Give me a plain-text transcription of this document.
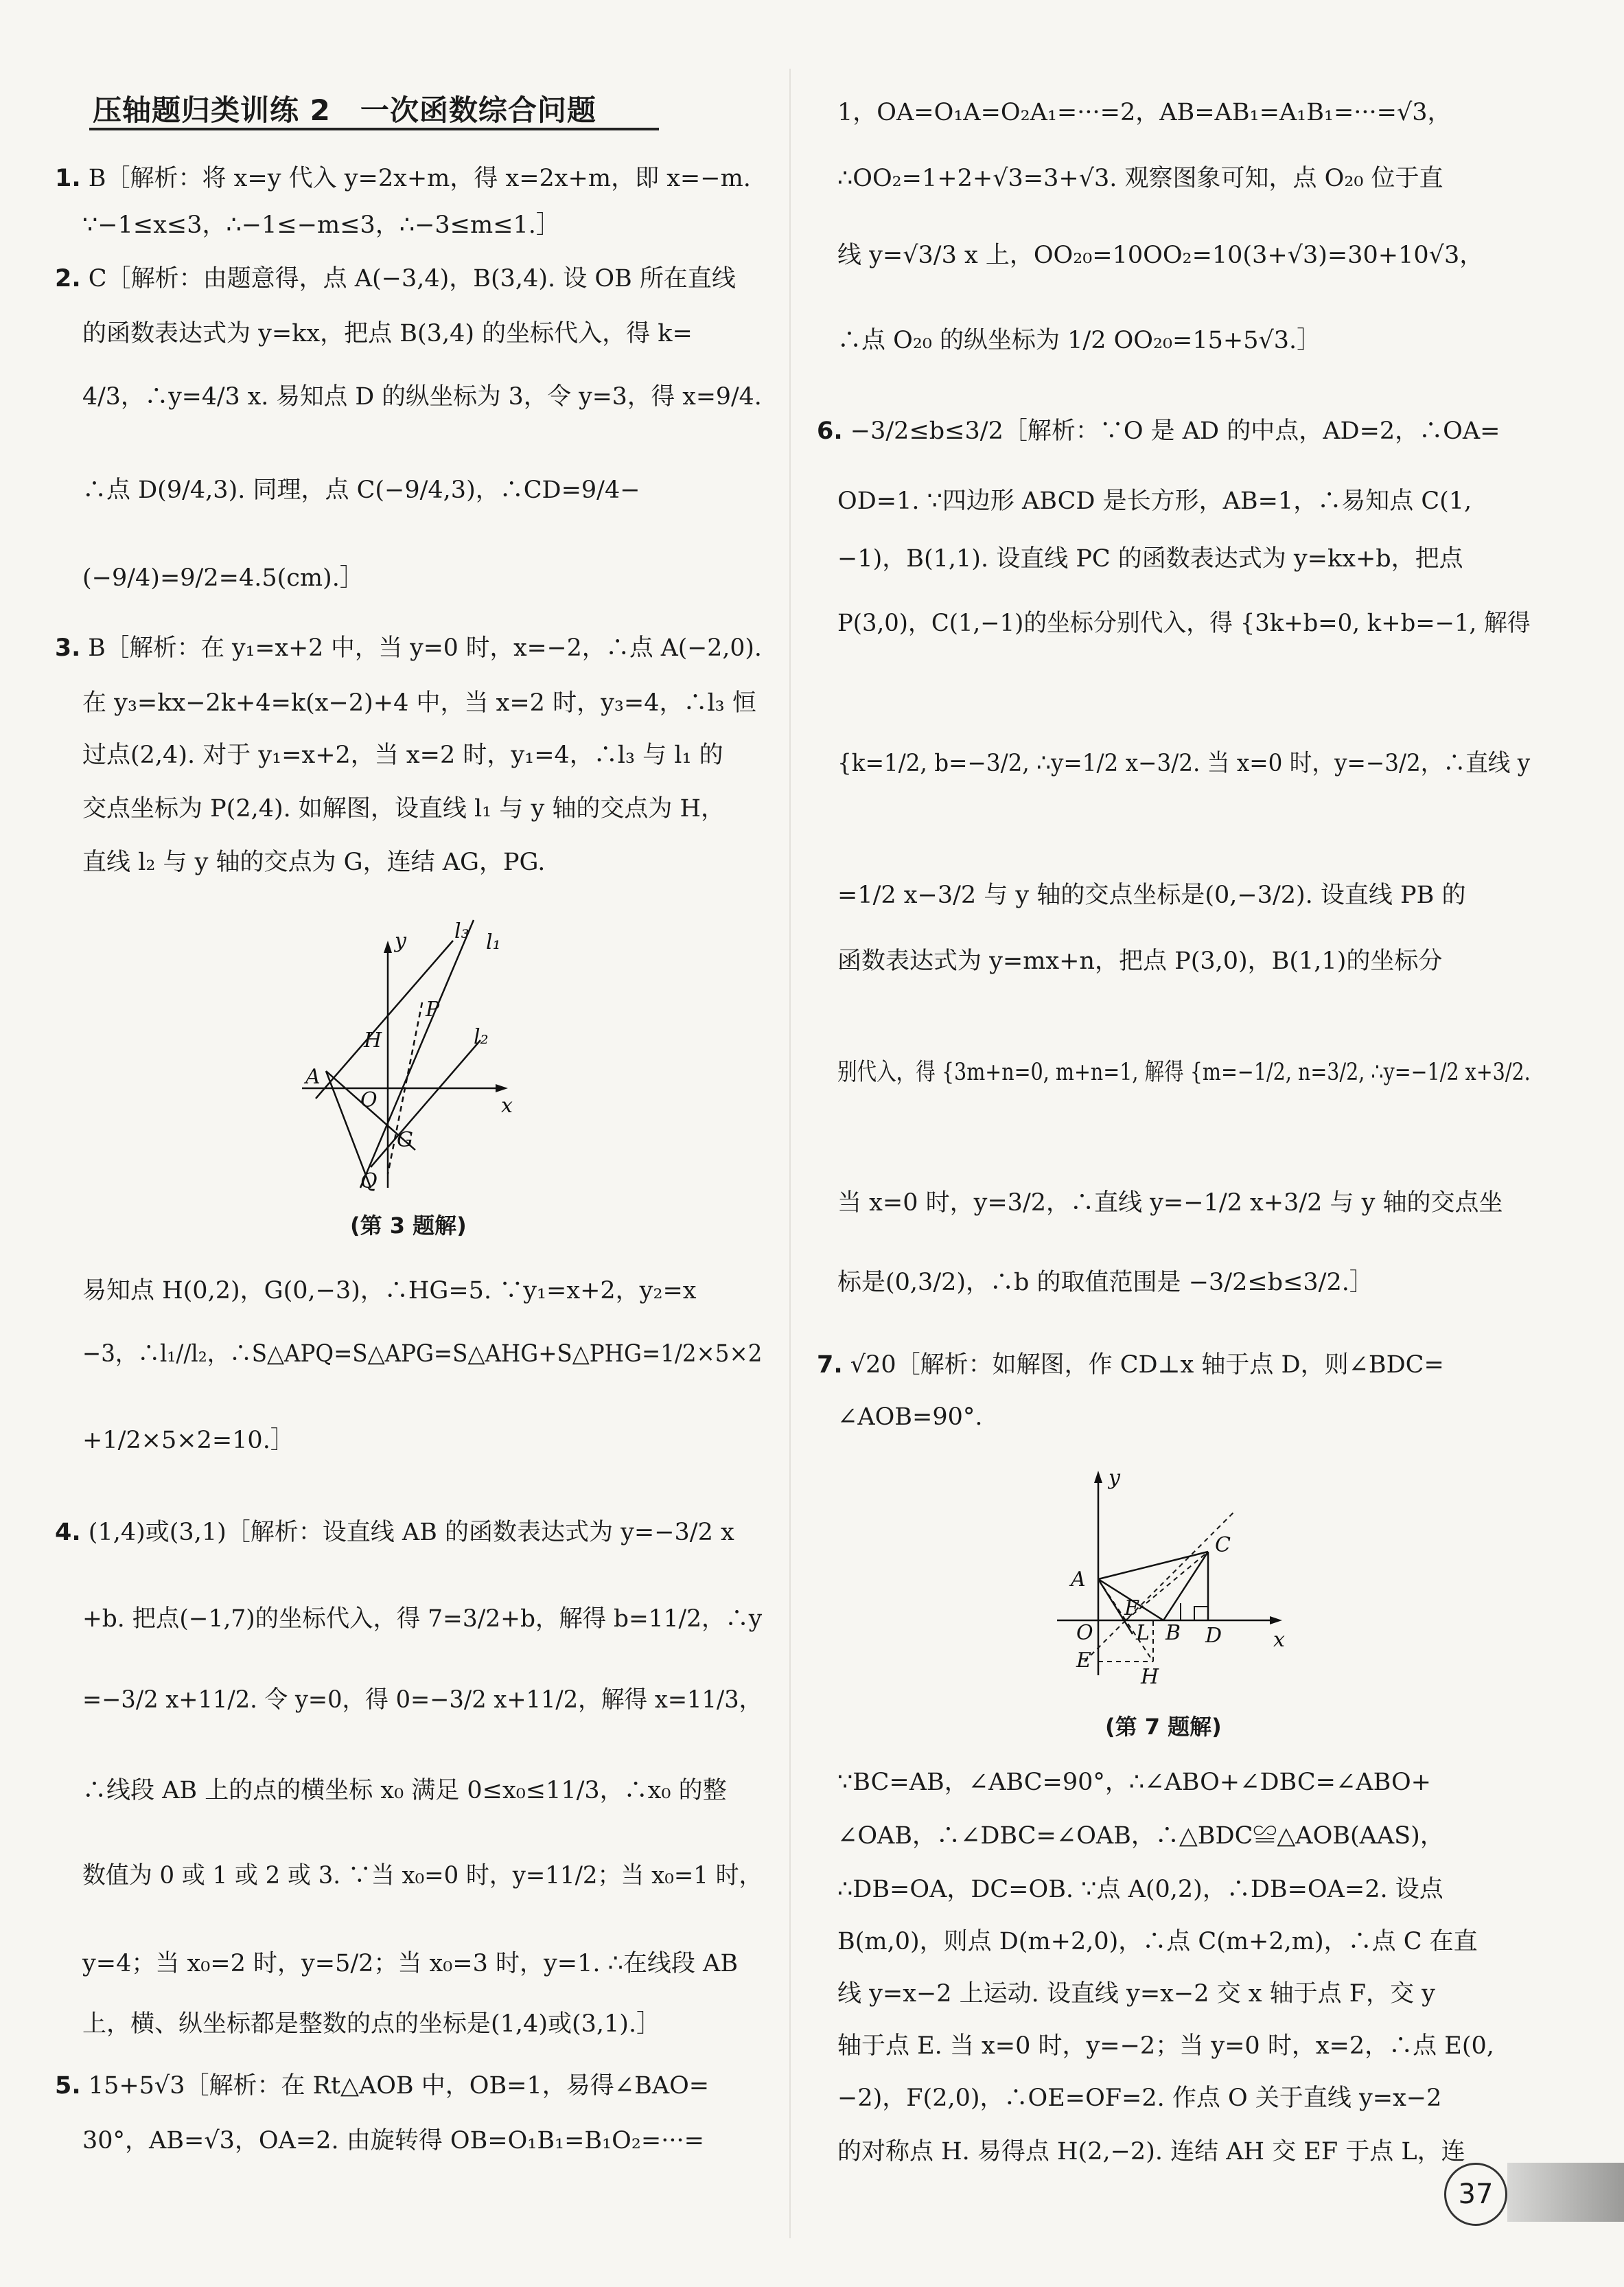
压轴题归类训练 2　一次函数综合问题
1. B［解析：将 x=y 代入 y=2x+m，得 x=2x+m，即 x=−m.
∵−1≤x≤3，∴−1≤−m≤3，∴−3≤m≤1.］
2. C［解析：由题意得，点 A(−3,4)，B(3,4). 设 OB 所在直线
的函数表达式为 y=kx，把点 B(3,4) 的坐标代入，得 k=
4/3，∴y=4/3 x. 易知点 D 的纵坐标为 3，令 y=3，得 x=9/4.
∴点 D(9/4,3). 同理，点 C(−9/4,3)，∴CD=9/4−
(−9/4)=9/2=4.5(cm).］
3. B［解析：在 y₁=x+2 中，当 y=0 时，x=−2，∴点 A(−2,0).
在 y₃=kx−2k+4=k(x−2)+4 中，当 x=2 时，y₃=4，∴l₃ 恒
过点(2,4). 对于 y₁=x+2，当 x=2 时，y₁=4，∴l₃ 与 l₁ 的
交点坐标为 P(2,4). 如解图，设直线 l₁ 与 y 轴的交点为 H，
直线 l₂ 与 y 轴的交点为 G，连结 AG，PG.
y
x
l₁
l₂
l₃
A
H
P
O
G
Q
(第 3 题解)
易知点 H(0,2)，G(0,−3)，∴HG=5. ∵y₁=x+2，y₂=x
−3，∴l₁//l₂，∴S△APQ=S△APG=S△AHG+S△PHG=1/2×5×2
+1/2×5×2=10.］
4. (1,4)或(3,1)［解析：设直线 AB 的函数表达式为 y=−3/2 x
+b. 把点(−1,7)的坐标代入，得 7=3/2+b，解得 b=11/2，∴y
=−3/2 x+11/2. 令 y=0，得 0=−3/2 x+11/2，解得 x=11/3，
∴线段 AB 上的点的横坐标 x₀ 满足 0≤x₀≤11/3，∴x₀ 的整
数值为 0 或 1 或 2 或 3. ∵当 x₀=0 时，y=11/2；当 x₀=1 时，
y=4；当 x₀=2 时，y=5/2；当 x₀=3 时，y=1. ∴在线段 AB
上，横、纵坐标都是整数的点的坐标是(1,4)或(3,1).］
5. 15+5√3［解析：在 Rt△AOB 中，OB=1，易得∠BAO=
30°，AB=√3，OA=2. 由旋转得 OB=O₁B₁=B₁O₂=···=
1，OA=O₁A=O₂A₁=···=2，AB=AB₁=A₁B₁=···=√3，
∴OO₂=1+2+√3=3+√3. 观察图象可知，点 O₂₀ 位于直
线 y=√3/3 x 上，OO₂₀=10OO₂=10(3+√3)=30+10√3，
∴点 O₂₀ 的纵坐标为 1/2 OO₂₀=15+5√3.］
6. −3/2≤b≤3/2［解析：∵O 是 AD 的中点，AD=2，∴OA=
OD=1. ∵四边形 ABCD 是长方形，AB=1，∴易知点 C(1,
−1)，B(1,1). 设直线 PC 的函数表达式为 y=kx+b，把点
P(3,0)，C(1,−1)的坐标分别代入，得 {3k+b=0, k+b=−1, 解得
{k=1/2, b=−3/2, ∴y=1/2 x−3/2. 当 x=0 时，y=−3/2，∴直线 y
=1/2 x−3/2 与 y 轴的交点坐标是(0,−3/2). 设直线 PB 的
函数表达式为 y=mx+n，把点 P(3,0)，B(1,1)的坐标分
别代入，得 {3m+n=0, m+n=1, 解得 {m=−1/2, n=3/2, ∴y=−1/2 x+3/2.
当 x=0 时，y=3/2，∴直线 y=−1/2 x+3/2 与 y 轴的交点坐
标是(0,3/2)，∴b 的取值范围是 −3/2≤b≤3/2.］
7. √20［解析：如解图，作 CD⊥x 轴于点 D，则∠BDC=
∠AOB=90°.
y
x
A
C
O
F
L B D
E
H
(第 7 题解)
∵BC=AB，∠ABC=90°，∴∠ABO+∠DBC=∠ABO+
∠OAB，∴∠DBC=∠OAB，∴△BDC≌△AOB(AAS)，
∴DB=OA，DC=OB. ∵点 A(0,2)，∴DB=OA=2. 设点
B(m,0)，则点 D(m+2,0)，∴点 C(m+2,m)，∴点 C 在直
线 y=x−2 上运动. 设直线 y=x−2 交 x 轴于点 F，交 y
轴于点 E. 当 x=0 时，y=−2；当 y=0 时，x=2，∴点 E(0,
−2)，F(2,0)，∴OE=OF=2. 作点 O 关于直线 y=x−2
的对称点 H. 易得点 H(2,−2). 连结 AH 交 EF 于点 L，连
37
